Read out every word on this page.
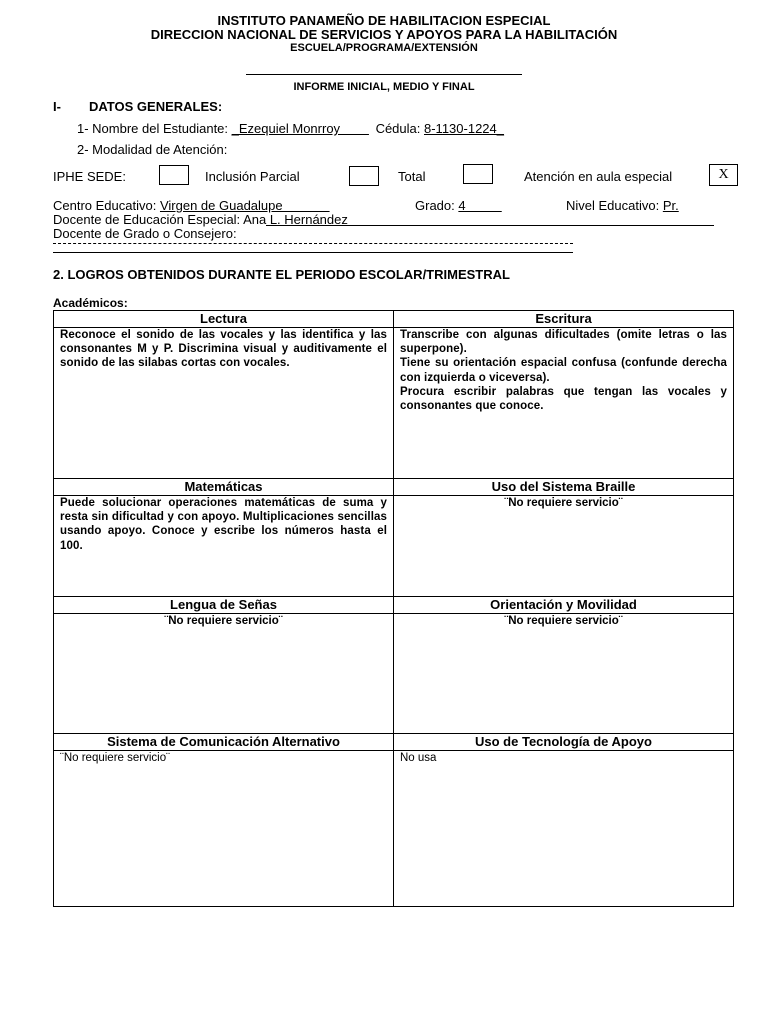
INSTITUTO PANAMEÑO DE HABILITACION ESPECIAL
DIRECCION NACIONAL DE SERVICIOS Y APOYOS PARA LA HABILITACIÓN
ESCUELA/PROGRAMA/EXTENSIÓN
INFORME INICIAL, MEDIO Y FINAL
I- DATOS GENERALES:
1- Nombre del Estudiante: _Ezequiel Monrroy         Cédula: 8-1130-1224_
2- Modalidad de Atención:
IPHE SEDE:	Inclusión Parcial	Total	Atención en aula especial	X
Centro Educativo: Virgen de Guadalupe	Grado: 4	Nivel Educativo: Pr.
Docente de Educación Especial: Ana L. Hernández
Docente de Grado o Consejero:
2. LOGROS OBTENIDOS DURANTE EL PERIODO ESCOLAR/TRIMESTRAL
Académicos:
Lectura	Escritura
Reconoce el sonido de las vocales y las identifica y las consonantes M y P. Discrimina visual y auditivamente el sonido de las silabas cortas con vocales.	Transcribe con algunas dificultades (omite letras o las superpone).
Tiene su orientación espacial confusa (confunde derecha con izquierda o viceversa).
Procura escribir palabras que tengan las vocales y consonantes que conoce.

Matemáticas	Uso del Sistema Braille
Puede solucionar operaciones matemáticas de suma y resta sin dificultad y con apoyo. Multiplicaciones sencillas usando apoyo. Conoce y escribe los números hasta el 100.	¨No requiere servicio¨
Lengua de Señas	Orientación y Movilidad
¨No requiere servicio¨	¨No requiere servicio¨
Sistema de Comunicación Alternativo	Uso de Tecnología de Apoyo
¨No requiere servicio¨	No usa
